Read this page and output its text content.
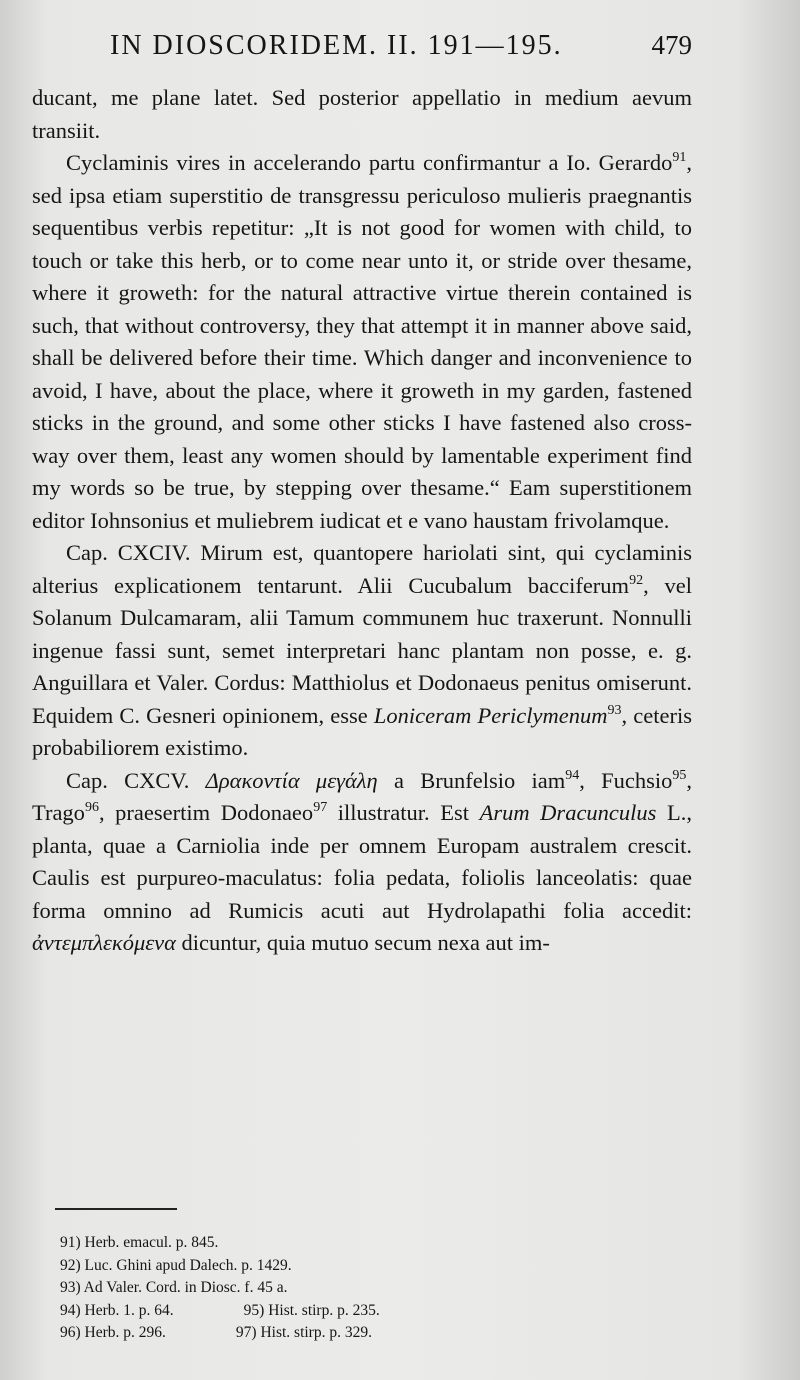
IN DIOSCORIDEM. II. 191—195.	479

ducant, me plane latet. Sed posterior appellatio in medium aevum transiit.

Cyclaminis vires in accelerando partu confirmantur a Io. Gerardo$^{91}$, sed ipsa etiam superstitio de transgressu periculoso mulieris praegnantis sequentibus verbis repetitur: „It is not good for women with child, to touch or take this herb, or to come near unto it, or stride over thesame, where it groweth: for the natural attractive virtue therein contained is such, that without controversy, they that attempt it in manner above said, shall be delivered before their time. Which danger and inconvenience to avoid, I have, about the place, where it groweth in my garden, fastened sticks in the ground, and some other sticks I have fastened also cross-way over them, least any women should by lamentable experiment find my words so be true, by stepping over thesame.“ Eam superstitionem editor Iohnsonius et muliebrem iudicat et e vano haustam frivolamque.

Cap. CXCIV. Mirum est, quantopere hariolati sint, qui cyclaminis alterius explicationem tentarunt. Alii Cucubalum bacciferum$^{92}$, vel Solanum Dulcamaram, alii Tamum communem huc traxerunt. Nonnulli ingenue fassi sunt, semet interpretari hanc plantam non posse, e. g. Anguillara et Valer. Cordus: Matthiolus et Dodonaeus penitus omiserunt. Equidem C. Gesneri opinionem, esse Loniceram Periclymenum$^{93}$, ceteris probabiliorem existimo.

Cap. CXCV. Δρακοντία μεγάλη a Brunfelsio iam$^{94}$, Fuchsio$^{95}$, Trago$^{96}$, praesertim Dodonaeo$^{97}$ illustratur. Est Arum Dracunculus L., planta, quae a Carniolia inde per omnem Europam australem crescit. Caulis est purpureo-maculatus: folia pedata, foliolis lanceolatis: quae forma omnino ad Rumicis acuti aut Hydrolapathi folia accedit: ἀντεμπλεκόμενα dicuntur, quia mutuo secum nexa aut im-

91) Herb. emacul. p. 845.
92) Luc. Ghini apud Dalech. p. 1429.
93) Ad Valer. Cord. in Diosc. f. 45 a.
94) Herb. 1. p. 64.	95) Hist. stirp. p. 235.
96) Herb. p. 296.	97) Hist. stirp. p. 329.
